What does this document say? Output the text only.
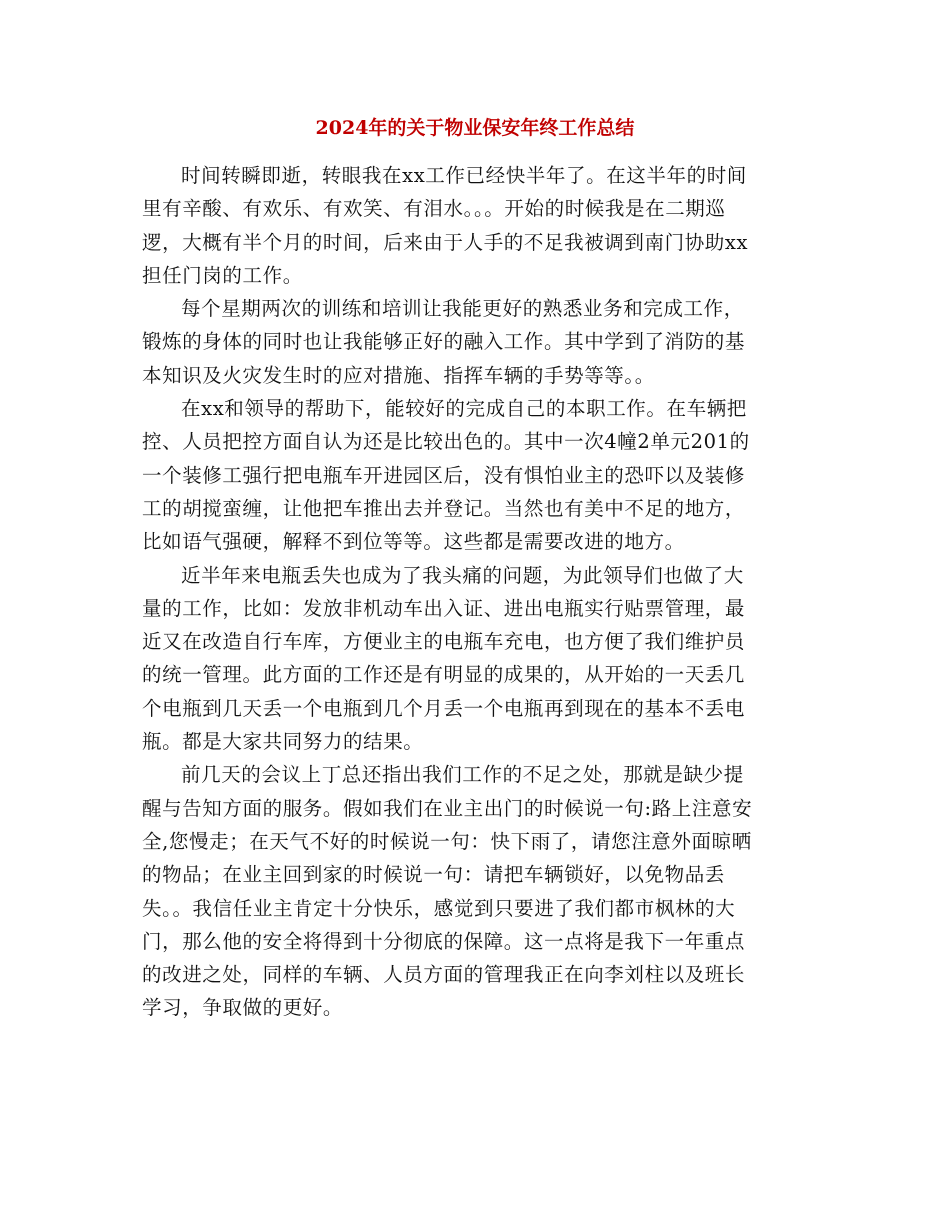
2024年的关于物业保安年终工作总结

时间转瞬即逝，转眼我在xx工作已经快半年了。在这半年的时间
里有辛酸、有欢乐、有欢笑、有泪水。。。开始的时候我是在二期巡
逻，大概有半个月的时间，后来由于人手的不足我被调到南门协助xx
担任门岗的工作。

每个星期两次的训练和培训让我能更好的熟悉业务和完成工作，
锻炼的身体的同时也让我能够正好的融入工作。其中学到了消防的基
本知识及火灾发生时的应对措施、指挥车辆的手势等等。。

在xx和领导的帮助下，能较好的完成自己的本职工作。在车辆把
控、人员把控方面自认为还是比较出色的。其中一次4幢2单元201的
一个装修工强行把电瓶车开进园区后，没有惧怕业主的恐吓以及装修
工的胡搅蛮缠，让他把车推出去并登记。当然也有美中不足的地方，
比如语气强硬，解释不到位等等。这些都是需要改进的地方。

近半年来电瓶丢失也成为了我头痛的问题，为此领导们也做了大
量的工作，比如：发放非机动车出入证、进出电瓶实行贴票管理，最
近又在改造自行车库，方便业主的电瓶车充电，也方便了我们维护员
的统一管理。此方面的工作还是有明显的成果的，从开始的一天丢几
个电瓶到几天丢一个电瓶到几个月丢一个电瓶再到现在的基本不丢电
瓶。都是大家共同努力的结果。

前几天的会议上丁总还指出我们工作的不足之处，那就是缺少提
醒与告知方面的服务。假如我们在业主出门的时候说一句:路上注意安
全,您慢走；在天气不好的时候说一句：快下雨了，请您注意外面晾晒
的物品；在业主回到家的时候说一句：请把车辆锁好，以免物品丢
失。。我信任业主肯定十分快乐，感觉到只要进了我们都市枫林的大
门，那么他的安全将得到十分彻底的保障。这一点将是我下一年重点
的改进之处，同样的车辆、人员方面的管理我正在向李刘柱以及班长
学习，争取做的更好。
